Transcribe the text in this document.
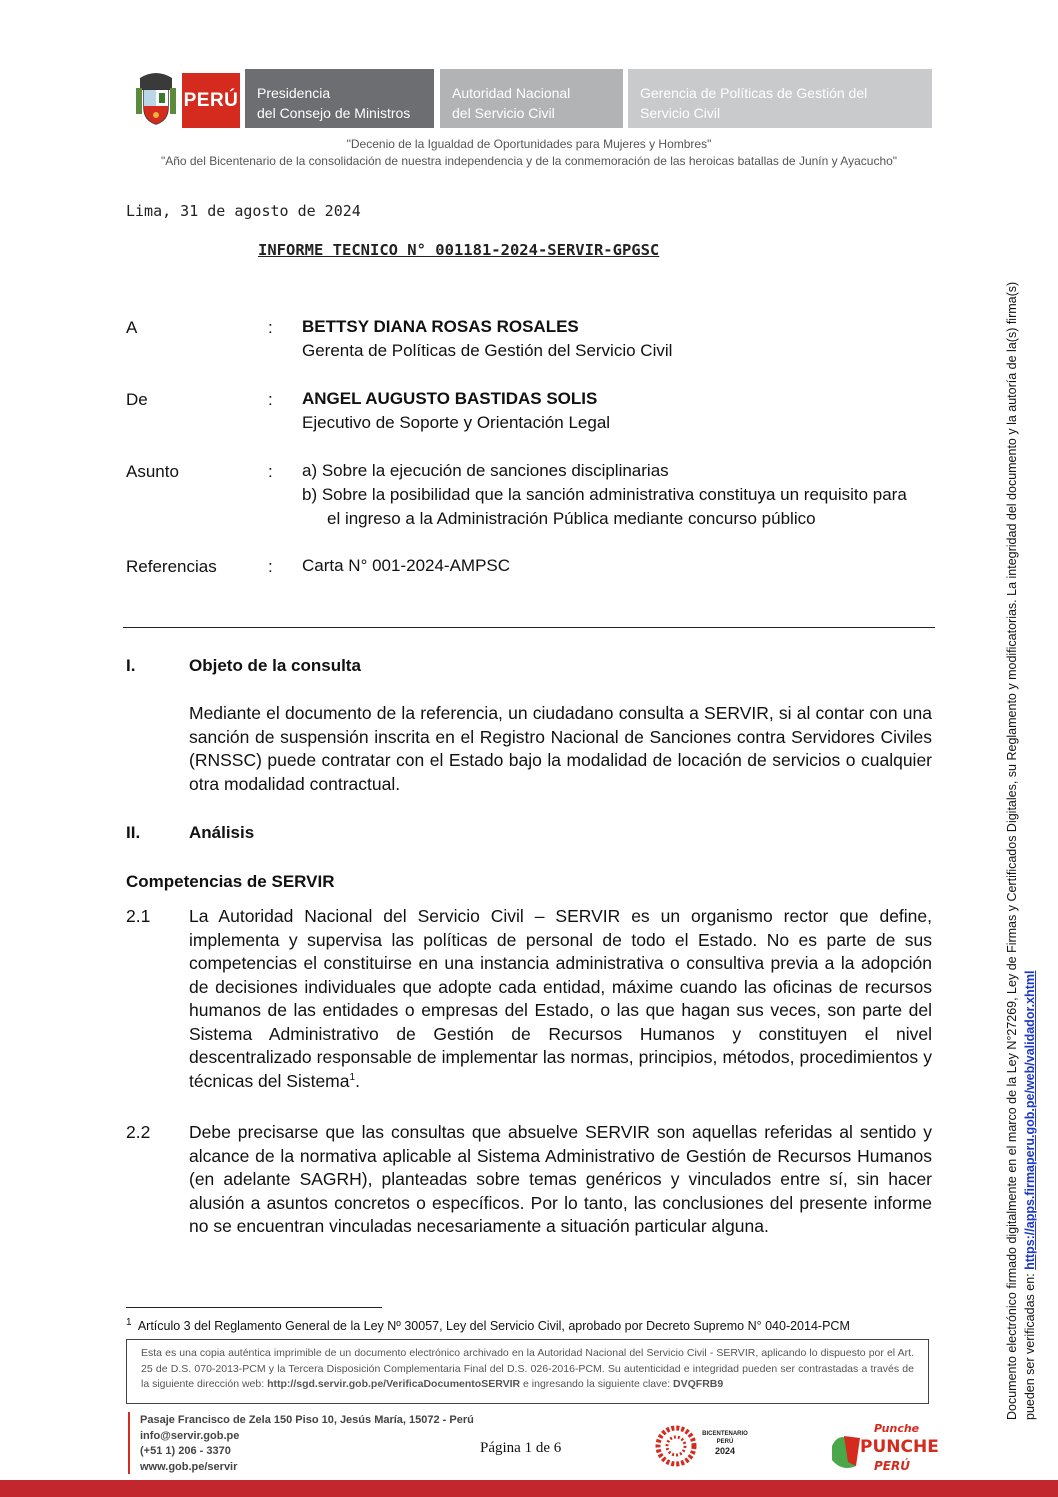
PERÚ Presidencia
del Consejo de Ministros
Autoridad Nacional
del Servicio Civil
Gerencia de Políticas de Gestión del
Servicio Civil
"Decenio de la Igualdad de Oportunidades para Mujeres y Hombres"
"Año del Bicentenario de la consolidación de nuestra independencia y de la conmemoración de las heroicas batallas de Junín y Ayacucho"
Lima, 31 de agosto de 2024
INFORME TECNICO N° 001181-2024-SERVIR-GPGSC
A	: BETTSY DIANA ROSAS ROSALES
Gerenta de Políticas de Gestión del Servicio Civil
De	: ANGEL AUGUSTO BASTIDAS SOLIS
Ejecutivo de Soporte y Orientación Legal
Asunto	: a) Sobre la ejecución de sanciones disciplinarias
b) Sobre la posibilidad que la sanción administrativa constituya un requisito para
el ingreso a la Administración Pública mediante concurso público
Referencias	: Carta N° 001-2024-AMPSC
I.	Objeto de la consulta
Mediante el documento de la referencia, un ciudadano consulta a SERVIR, si al contar con una sanción de suspensión inscrita en el Registro Nacional de Sanciones contra Servidores Civiles (RNSSC) puede contratar con el Estado bajo la modalidad de locación de servicios o cualquier otra modalidad contractual.
II.	Análisis
Competencias de SERVIR
2.1 La Autoridad Nacional del Servicio Civil – SERVIR es un organismo rector que define, implementa y supervisa las políticas de personal de todo el Estado. No es parte de sus competencias el constituirse en una instancia administrativa o consultiva previa a la adopción de decisiones individuales que adopte cada entidad, máxime cuando las oficinas de recursos humanos de las entidades o empresas del Estado, o las que hagan sus veces, son parte del Sistema Administrativo de Gestión de Recursos Humanos y constituyen el nivel descentralizado responsable de implementar las normas, principios, métodos, procedimientos y técnicas del Sistema$^1$.
2.2 Debe precisarse que las consultas que absuelve SERVIR son aquellas referidas al sentido y alcance de la normativa aplicable al Sistema Administrativo de Gestión de Recursos Humanos (en adelante SAGRH), planteadas sobre temas genéricos y vinculados entre sí, sin hacer alusión a asuntos concretos o específicos. Por lo tanto, las conclusiones del presente informe no se encuentran vinculadas necesariamente a situación particular alguna.
$^1$ Artículo 3 del Reglamento General de la Ley Nº 30057, Ley del Servicio Civil, aprobado por Decreto Supremo N° 040-2014-PCM
Esta es una copia auténtica imprimible de un documento electrónico archivado en la Autoridad Nacional del Servicio Civil - SERVIR, aplicando lo dispuesto por el Art. 25 de D.S. 070-2013-PCM y la Tercera Disposición Complementaria Final del D.S. 026-2016-PCM. Su autenticidad e integridad pueden ser contrastadas a través de la siguiente dirección web: http://sgd.servir.gob.pe/VerificaDocumentoSERVIR e ingresando la siguiente clave: DVQFRB9
Pasaje Francisco de Zela 150 Piso 10, Jesús María, 15072 - Perú
info@servir.gob.pe
(+51 1) 206 - 3370
www.gob.pe/servir
Página 1 de 6
BICENTENARIO
PERÚ
2024
Punche
PUNCHE
PERÚ
Documento electrónico firmado digitalmente en el marco de la Ley N°27269, Ley de Firmas y Certificados Digitales, su Reglamento y modificatorias. La integridad del documento y la autoría de la(s) firma(s) pueden ser verificadas en: https://apps.firmaperu.gob.pe/web/validador.xhtml
